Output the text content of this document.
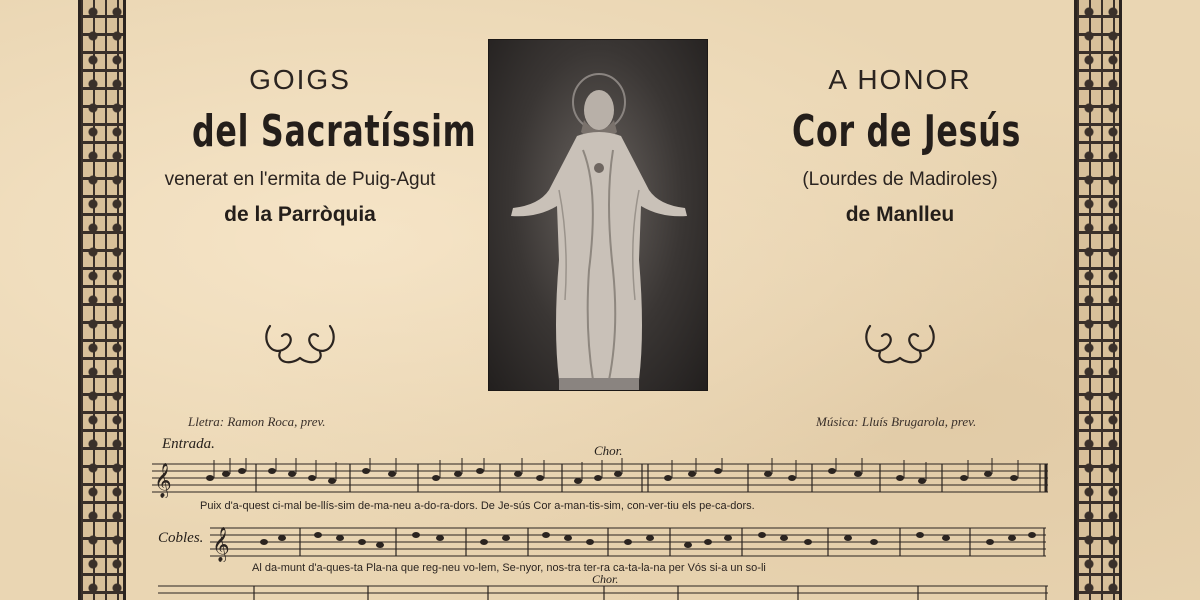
GOIGS
del Sacratíssim
venerat en l'ermita de Puig-Agut
de la Parròquia
A HONOR
Cor de Jesús
(Lourdes de Madiroles)
de Manlleu
Lletra: Ramon Roca, prev.	Música: Lluís Brugarola, prev.
Entrada.	Chor.
𝄞
Puix d'a-quest ci-mal be-llís-sim de-ma-neu a-do-ra-dors. De Je-sús Cor a-man-tis-sim, con-ver-tiu els pe-ca-dors.
Cobles. 𝄞
Al da-munt d'a-ques-ta Pla-na que reg-neu vo-lem, Se-nyor, nos-tra ter-ra ca-ta-la-na per Vós si-a un so-li
Chor.
